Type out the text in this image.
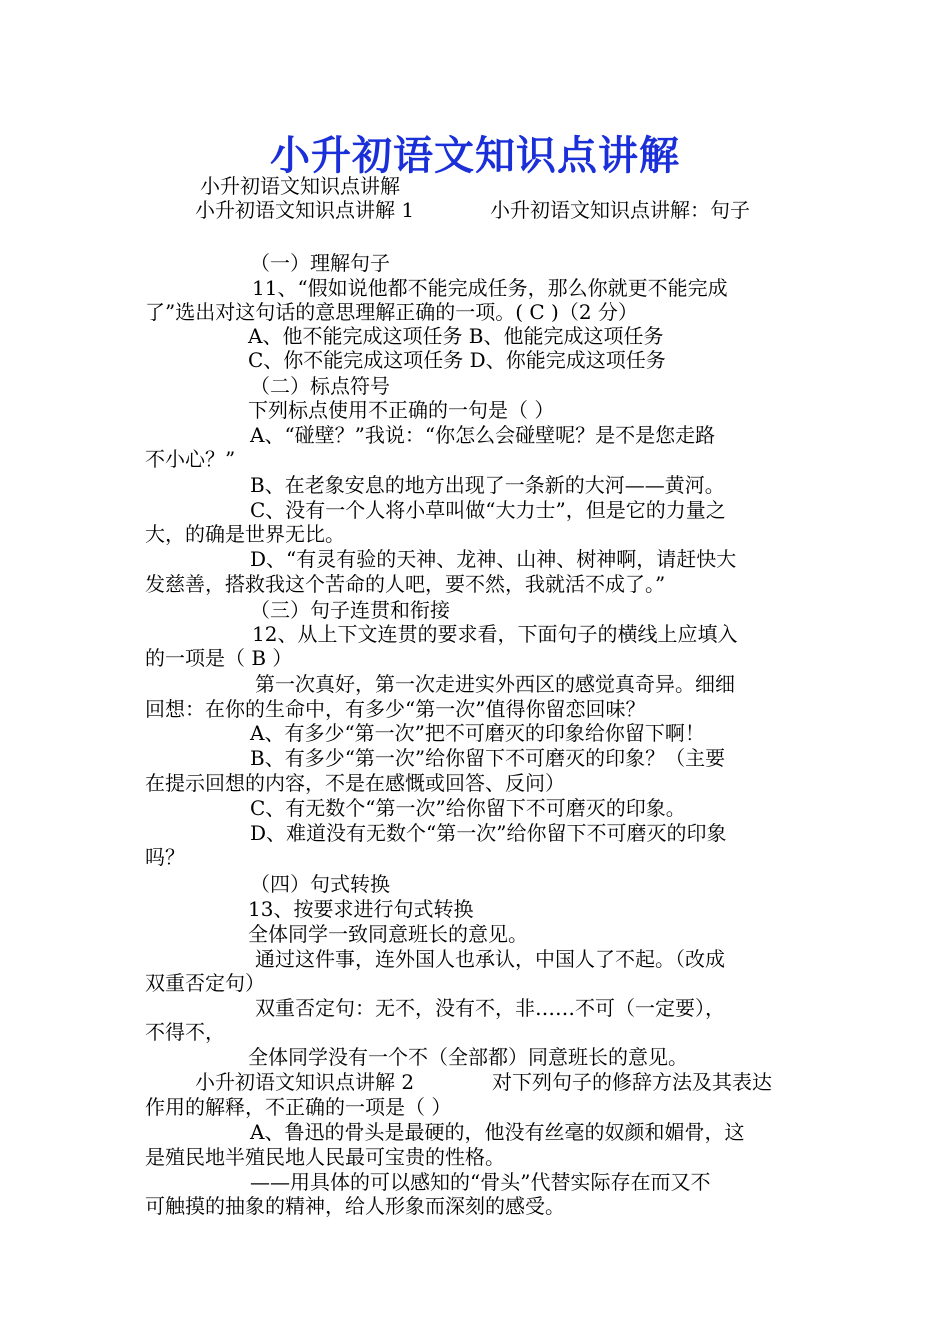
小升初语文知识点讲解
小升初语文知识点讲解
小升初语文知识点讲解 1	小升初语文知识点讲解：句子
（一）理解句子
11、“假如说他都不能完成任务，那么你就更不能完成
了”选出对这句话的意思理解正确的一项。( C )（2 分）
A、他不能完成这项任务 B、他能完成这项任务
C、你不能完成这项任务 D、你能完成这项任务
（二）标点符号
下列标点使用不正确的一句是（ ）
A、“碰壁？”我说：“你怎么会碰壁呢？是不是您走路
不小心？”
B、在老象安息的地方出现了一条新的大河——黄河。
C、没有一个人将小草叫做“大力士”，但是它的力量之
大，的确是世界无比。
D、“有灵有验的天神、龙神、山神、树神啊，请赶快大
发慈善，搭救我这个苦命的人吧，要不然，我就活不成了。”
（三）句子连贯和衔接
12、从上下文连贯的要求看，下面句子的横线上应填入
的一项是（ B ）
第一次真好，第一次走进实外西区的感觉真奇异。细细
回想：在你的生命中，有多少“第一次”值得你留恋回味？
A、有多少“第一次”把不可磨灭的印象给你留下啊！
B、有多少“第一次”给你留下不可磨灭的印象？（主要
在提示回想的内容，不是在感慨或回答、反问）
C、有无数个“第一次”给你留下不可磨灭的印象。
D、难道没有无数个“第一次”给你留下不可磨灭的印象
吗？
（四）句式转换
13、按要求进行句式转换
全体同学一致同意班长的意见。
通过这件事，连外国人也承认，中国人了不起。（改成
双重否定句）
双重否定句：无不，没有不，非……不可（一定要），
不得不，
全体同学没有一个不（全部都）同意班长的意见。
小升初语文知识点讲解 2	对下列句子的修辞方法及其表达
作用的解释，不正确的一项是（ ）
A、鲁迅的骨头是最硬的，他没有丝毫的奴颜和媚骨，这
是殖民地半殖民地人民最可宝贵的性格。
——用具体的可以感知的“骨头”代替实际存在而又不
可触摸的抽象的精神，给人形象而深刻的感受。
